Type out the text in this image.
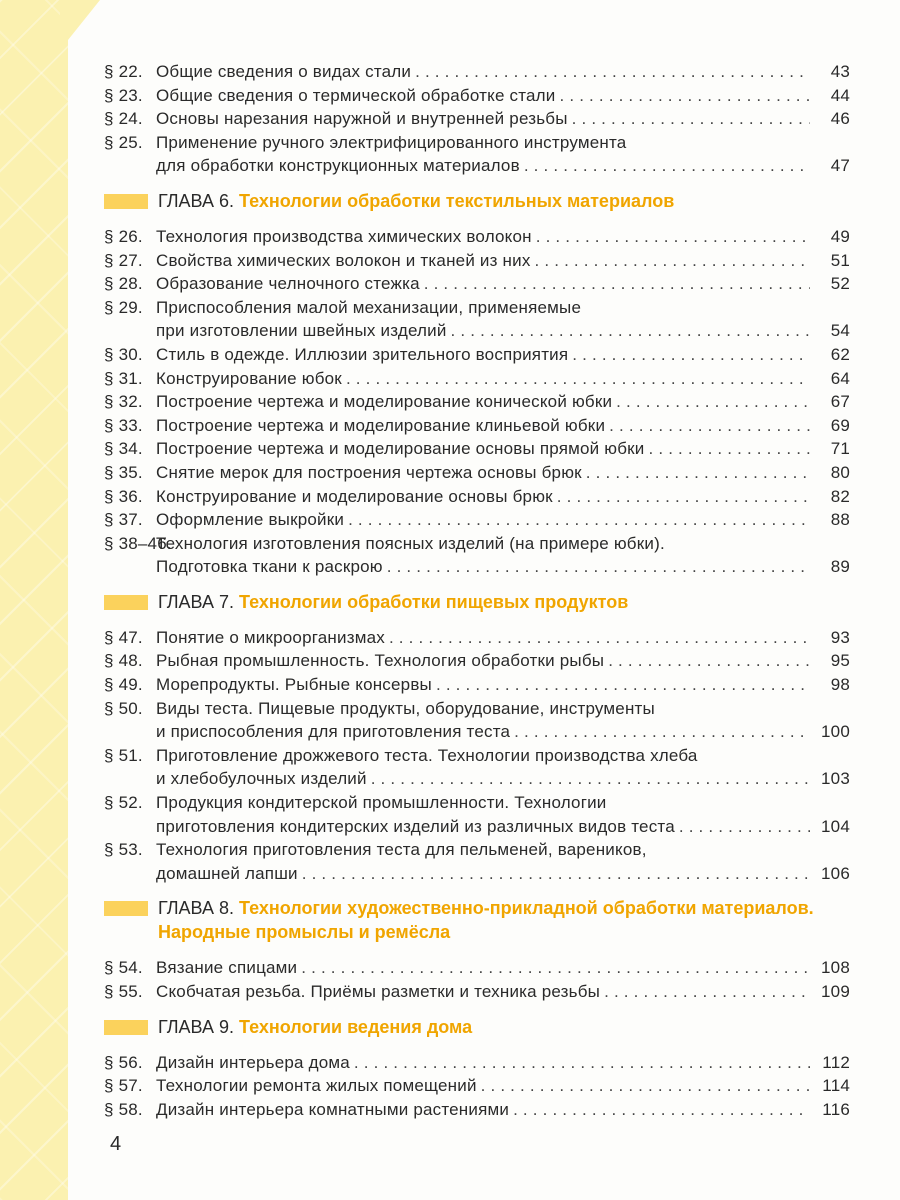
§ 22. Общие сведения о видах стали . . .	43
§ 23. Общие сведения о термической обработке стали . . .	44
§ 24. Основы нарезания наружной и внутренней резьбы . . .	46
§ 25. Применение ручного электрифицированного инструмента
для обработки конструкционных материалов . . .	47
ГЛАВА 6. Технологии обработки текстильных материалов
§ 26. Технология производства химических волокон . . .	49
§ 27. Свойства химических волокон и тканей из них . . .	51
§ 28. Образование челночного стежка . . .	52
§ 29. Приспособления малой механизации, применяемые
при изготовлении швейных изделий . . .	54
§ 30. Стиль в одежде. Иллюзии зрительного восприятия . . .	62
§ 31. Конструирование юбок . . .	64
§ 32. Построение чертежа и моделирование конической юбки . . .	67
§ 33. Построение чертежа и моделирование клиньевой юбки . . .	69
§ 34. Построение чертежа и моделирование основы прямой юбки . . .	71
§ 35. Снятие мерок для построения чертежа основы брюк . . .	80
§ 36. Конструирование и моделирование основы брюк . . .	82
§ 37. Оформление выкройки . . .	88
§ 38–46.
Технология изготовления поясных изделий (на примере юбки).
Подготовка ткани к раскрою . . .	89
ГЛАВА 7. Технологии обработки пищевых продуктов
§ 47. Понятие о микроорганизмах . . .	93
§ 48. Рыбная промышленность. Технология обработки рыбы . . .	95
§ 49. Морепродукты. Рыбные консервы . . .	98
§ 50. Виды теста. Пищевые продукты, оборудование, инструменты
и приспособления для приготовления теста . . .	100
§ 51. Приготовление дрожжевого теста. Технологии производства хлеба
и хлебобулочных изделий . . .	103
§ 52. Продукция кондитерской промышленности. Технологии
приготовления кондитерских изделий из различных видов теста . . .	104
§ 53. Технология приготовления теста для пельменей, вареников,
домашней лапши . . .	106
ГЛАВА 8. Технологии художественно-прикладной обработки материалов. Народные промыслы и ремёсла
§ 54. Вязание спицами . . .	108
§ 55. Скобчатая резьба. Приёмы разметки и техника резьбы . . .	109
ГЛАВА 9. Технологии ведения дома
§ 56. Дизайн интерьера дома . . .	112
§ 57. Технологии ремонта жилых помещений . . .	114
§ 58. Дизайн интерьера комнатными растениями . . .	116
4
